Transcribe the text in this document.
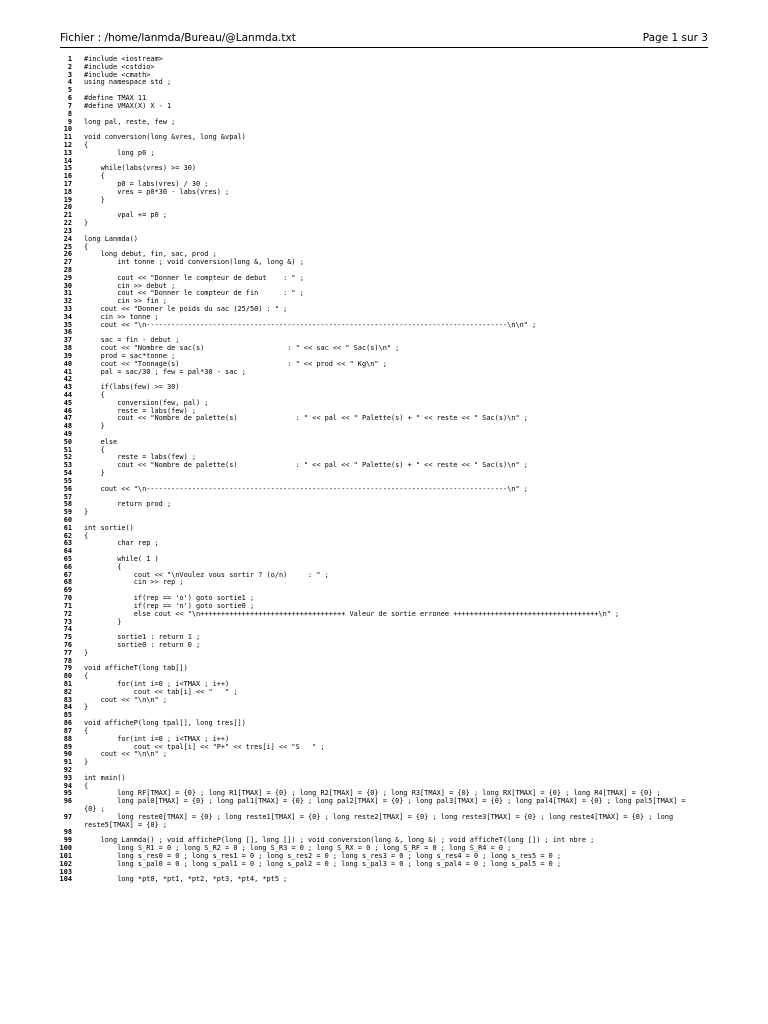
Fichier : /home/lanmda/Bureau/@Lanmda.txt	Page 1 sur 3
1 #include <iostream>
2 #include <cstdio>
3 #include <cmath>
4 using namespace std ;
5
6 #define TMAX 11
7 #define VMAX(X) X - 1
8
9 long pal, reste, few ;
10
11 void conversion(long &vres, long &vpal)
12 {
13 long p0 ;
14
15 while(labs(vres) >= 30)
16 {
17 p0 = labs(vres) / 30 ;
18 vres = p0*30 - labs(vres) ;
19 }
20
21 vpal += p0 ;
22 }
23
24 long Lanmda()
25 {
26 long debut, fin, sac, prod ;
27 int tonne ; void conversion(long &, long &) ;
28
29 cout << "Donner le compteur de debut    : " ;
30 cin >> debut ;
31 cout << "Donner le compteur de fin      : " ;
32 cin >> fin ;
33 cout << "Donner le poids du sac (25/50) : " ;
34 cin >> tonne ;
35 cout << "\n---------------------------------------------------------------------------------------\n\n" ;
36
37 sac = fin - debut ;
38 cout << "Nombre de sac(s)                    : " << sac << " Sac(s)\n" ;
39 prod = sac*tonne ;
40 cout << "Tonnage(s)                          : " << prod << " Kg\n" ;
41 pal = sac/30 ; few = pal*30 - sac ;
42
43 if(labs(few) >= 30)
44 {
45 conversion(few, pal) ;
46 reste = labs(few) ;
47 cout << "Nombre de palette(s)              : " << pal << " Palette(s) + " << reste << " Sac(s)\n" ;
48 }
49
50 else
51 {
52 reste = labs(few) ;
53 cout << "Nombre de palette(s)              : " << pal << " Palette(s) + " << reste << " Sac(s)\n" ;
54 }
55
56 cout << "\n---------------------------------------------------------------------------------------\n" ;
57
58 return prod ;
59 }
60
61 int sortie()
62 {
63 char rep ;
64
65 while( 1 )
66 {
67 cout << "\nVoulez vous sortir ? (o/n)     : " ;
68 cin >> rep ;
69
70 if(rep == 'o') goto sortie1 ;
71 if(rep == 'n') goto sortie0 ;
72 else cout << "\n+++++++++++++++++++++++++++++++++++ Valeur de sortie erronee +++++++++++++++++++++++++++++++++++\n" ;
73 }
74
75 sortie1 : return 1 ;
76 sortie0 : return 0 ;
77 }
78
79 void afficheT(long tab[])
80 {
81 for(int i=0 ; i<TMAX ; i++)
82 cout << tab[i] << "   " ;
83 cout << "\n\n" ;
84 }
85
86 void afficheP(long tpal[], long tres[])
87 {
88 for(int i=0 ; i<TMAX ; i++)
89 cout << tpal[i] << "P+" << tres[i] << "S   " ;
90 cout << "\n\n" ;
91 }
92
93 int main()
94 {
95 long RF[TMAX] = {0} ; long R1[TMAX] = {0} ; long R2[TMAX] = {0} ; long R3[TMAX] = {0} ; long RX[TMAX] = {0} ; long R4[TMAX] = {0} ;
96 long pal0[TMAX] = {0} ; long pal1[TMAX] = {0} ; long pal2[TMAX] = {0} ; long pal3[TMAX] = {0} ; long pal4[TMAX] = {0} ; long pal5[TMAX] =
{0} ;
97 long reste0[TMAX] = {0} ; long reste1[TMAX] = {0} ; long reste2[TMAX] = {0} ; long reste3[TMAX] = {0} ; long reste4[TMAX] = {0} ; long
reste5[TMAX] = {0} ;
98
99 long Lanmda() ; void afficheP(long [], long []) ; void conversion(long &, long &) ; void afficheT(long []) ; int nbre ;
100 long S_R1 = 0 ; long S_R2 = 0 ; long S_R3 = 0 ; long S_RX = 0 ; long S_RF = 0 ; long S_R4 = 0 ;
101 long s_res0 = 0 ; long s_res1 = 0 ; long s_res2 = 0 ; long s_res3 = 0 ; long s_res4 = 0 ; long s_res5 = 0 ;
102 long s_pal0 = 0 ; long s_pal1 = 0 ; long s_pal2 = 0 ; long s_pal3 = 0 ; long s_pal4 = 0 ; long s_pal5 = 0 ;
103
104 long *pt0, *pt1, *pt2, *pt3, *pt4, *pt5 ;
